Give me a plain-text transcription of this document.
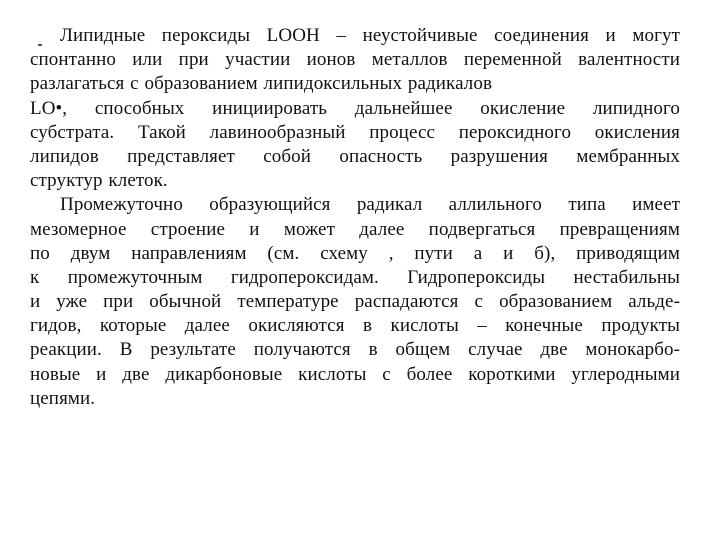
Липидные пероксиды LOOH – неустойчивые соединения и могут
спонтанно или при участии ионов металлов переменной валентности
разлагаться с образованием липидоксильных радикалов
LO•, способных инициировать дальнейшее окисление липидного
субстрата. Такой лавинообразный процесс пероксидного окисления
липидов представляет собой опасность разрушения мембранных
структур клеток.
Промежуточно образующийся радикал аллильного типа имеет
мезомерное строение и может далее подвергаться превращениям
по двум направлениям (см. схему , пути а и б), приводящим
к промежуточным гидропероксидам. Гидропероксиды нестабильны
и уже при обычной температуре распадаются с образованием альде-
гидов, которые далее окисляются в кислоты – конечные продукты
реакции. В результате получаются в общем случае две монокарбо-
новые и две дикарбоновые кислоты с более короткими углеродными
цепями.
